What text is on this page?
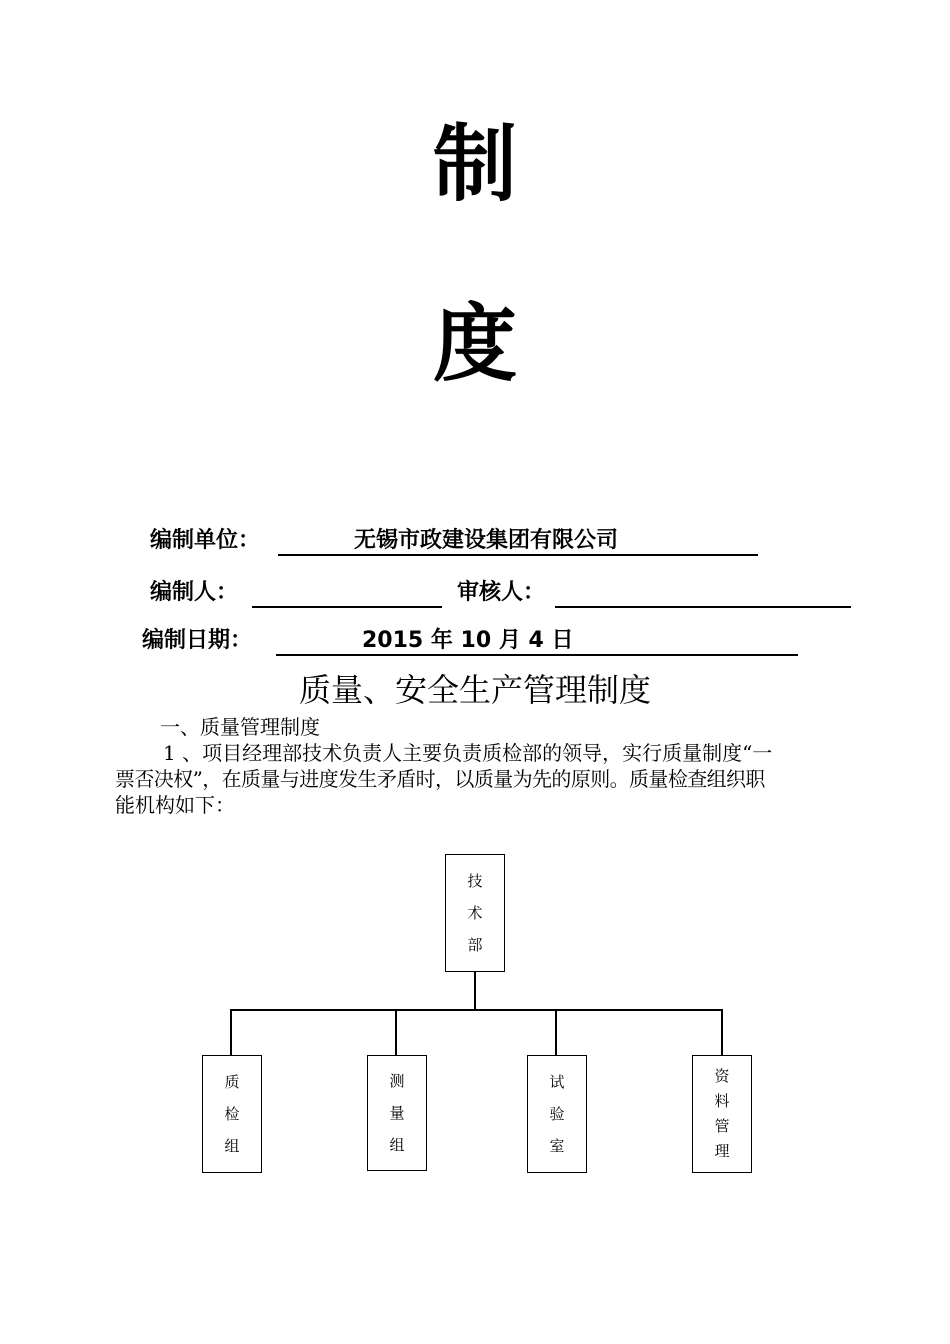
制
度
编制单位：	无锡市政建设集团有限公司
编制人：	审核人：
编制日期：	2015 年 10 月 4 日
质量、安全生产管理制度
一、质量管理制度
1 、项目经理部技术负责人主要负责质检部的领导，实行质量制度“一
票否决权”，在质量与进度发生矛盾时，以质量为先的原则。质量检查组织职
能机构如下：
技
术
部
质
检
组
测
量
组
试
验
室
资
料
管
理
